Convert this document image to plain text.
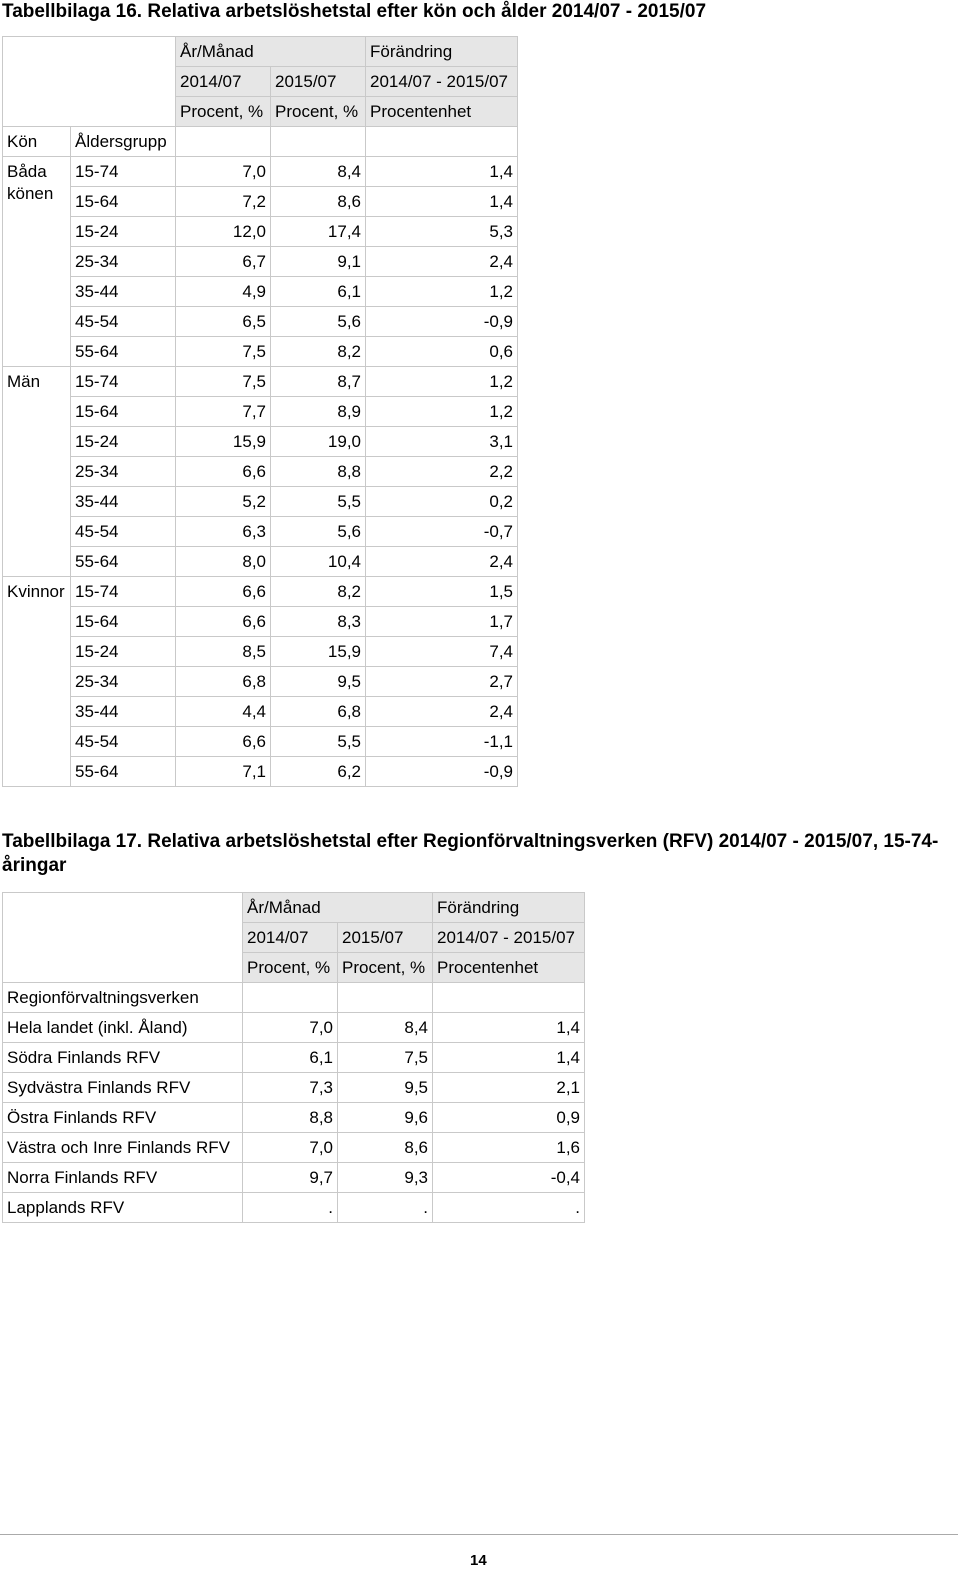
Tabellbilaga 16. Relativa arbetslöshetstal efter kön och ålder 2014/07 - 2015/07
		År/Månad		Förändring
		2014/07	2015/07	2014/07 - 2015/07
		Procent, %	Procent, %	Procentenhet
Kön	Åldersgrupp			
Båda könen	15-74	7,0	8,4	1,4
	15-64	7,2	8,6	1,4
	15-24	12,0	17,4	5,3
	25-34	6,7	9,1	2,4
	35-44	4,9	6,1	1,2
	45-54	6,5	5,6	-0,9
	55-64	7,5	8,2	0,6
Män	15-74	7,5	8,7	1,2
	15-64	7,7	8,9	1,2
	15-24	15,9	19,0	3,1
	25-34	6,6	8,8	2,2
	35-44	5,2	5,5	0,2
	45-54	6,3	5,6	-0,7
	55-64	8,0	10,4	2,4
Kvinnor	15-74	6,6	8,2	1,5
	15-64	6,6	8,3	1,7
	15-24	8,5	15,9	7,4
	25-34	6,8	9,5	2,7
	35-44	4,4	6,8	2,4
	45-54	6,6	5,5	-1,1
	55-64	7,1	6,2	-0,9
Tabellbilaga 17. Relativa arbetslöshetstal efter Regionförvaltningsverken (RFV) 2014/07 - 2015/07, 15-74-åringar
	År/Månad		Förändring
	2014/07	2015/07	2014/07 - 2015/07
	Procent, %	Procent, %	Procentenhet
Regionförvaltningsverken			
Hela landet (inkl. Åland)	7,0	8,4	1,4
Södra Finlands RFV	6,1	7,5	1,4
Sydvästra Finlands RFV	7,3	9,5	2,1
Östra Finlands RFV	8,8	9,6	0,9
Västra och Inre Finlands RFV	7,0	8,6	1,6
Norra Finlands RFV	9,7	9,3	-0,4
Lapplands RFV	.	.	.
14
